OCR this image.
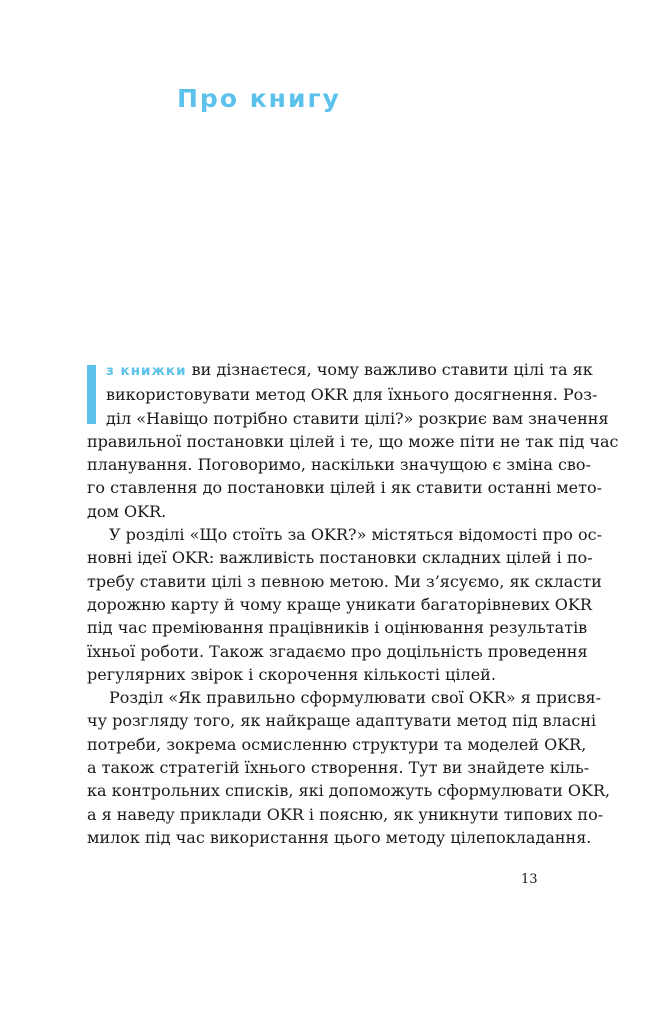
Про книгу

з книжки ви дізнаєтеся, чому важливо ставити цілі та як
використовувати метод OKR для їхнього досягнення. Роз-
діл «Навіщо потрібно ставити цілі?» розкриє вам значення
правильної постановки цілей і те, що може піти не так під час
планування. Поговоримо, наскільки значущою є зміна сво-
го ставлення до постановки цілей і як ставити останні мето-
дом OKR.

У розділі «Що стоїть за OKR?» містяться відомості про ос-
новні ідеї OKR: важливість постановки складних цілей і по-
требу ставити цілі з певною метою. Ми з’ясуємо, як скласти
дорожню карту й чому краще уникати багаторівневих OKR
під час преміювання працівників і оцінювання результатів
їхньої роботи. Також згадаємо про доцільність проведення
регулярних звірок і скорочення кількості цілей.

Розділ «Як правильно сформулювати свої OKR» я присвя-
чу розгляду того, як найкраще адаптувати метод під власні
потреби, зокрема осмисленню структури та моделей OKR,
а також стратегій їхнього створення. Тут ви знайдете кіль-
ка контрольних списків, які допоможуть сформулювати OKR,
а я наведу приклади OKR і поясню, як уникнути типових по-
милок під час використання цього методу цілепокладання.

13
